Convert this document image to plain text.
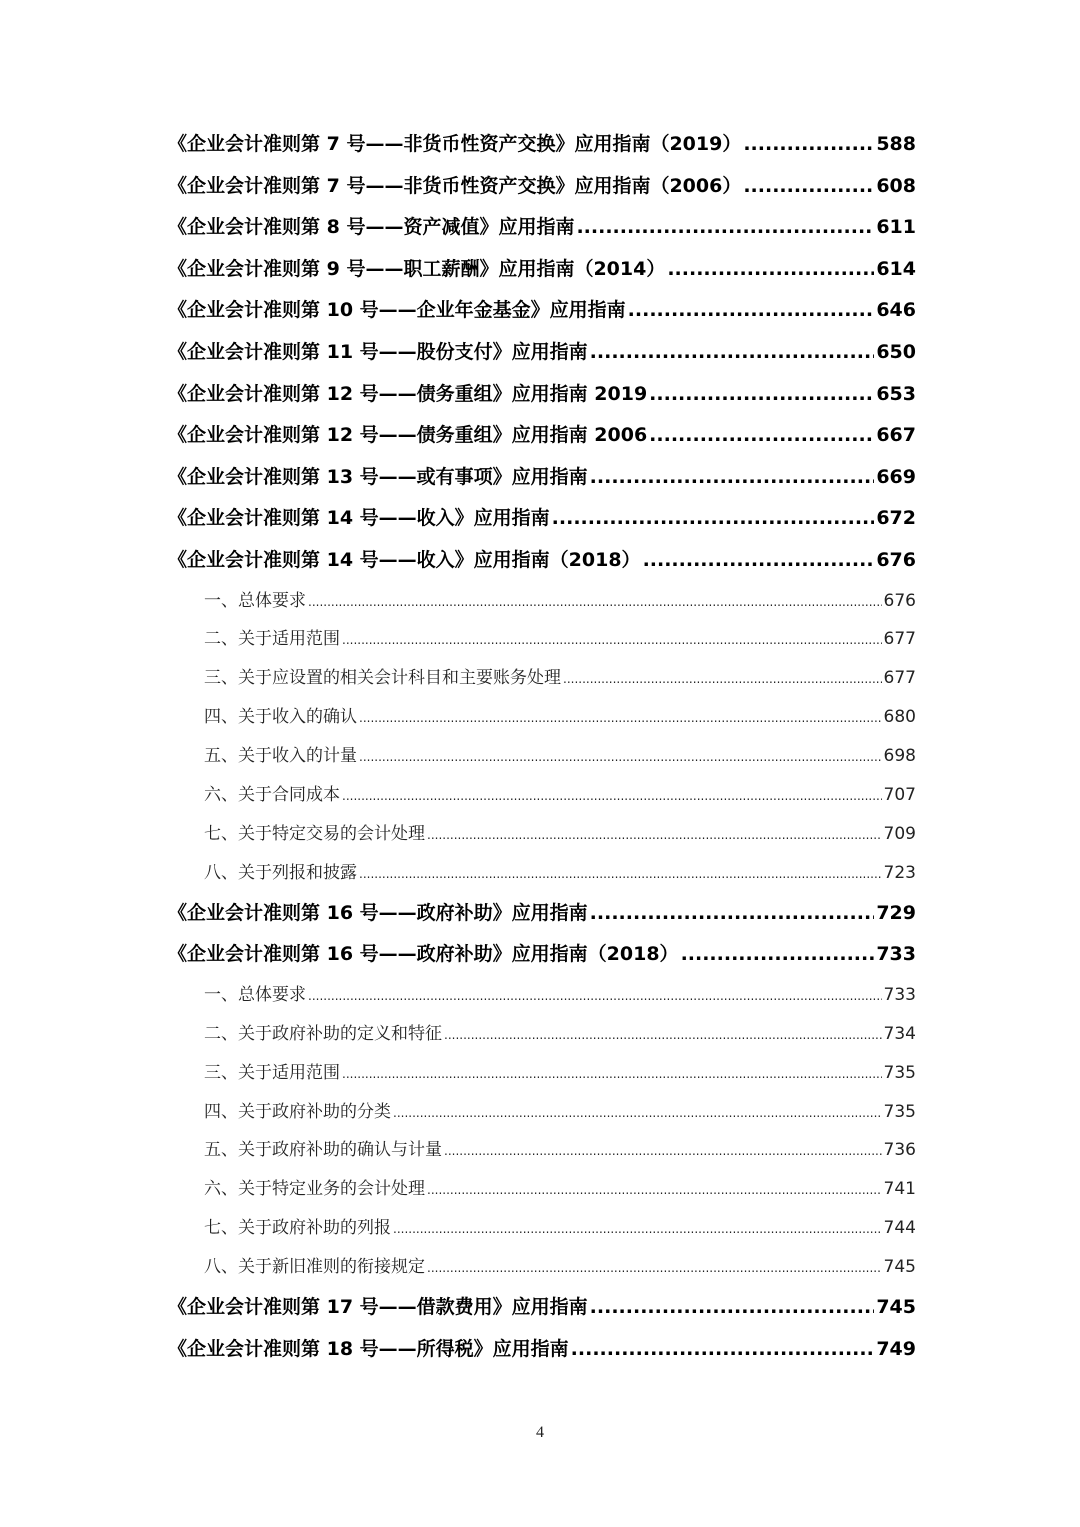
《企业会计准则第 7 号——非货币性资产交换》应用指南（2019） .....	588
《企业会计准则第 7 号——非货币性资产交换》应用指南（2006） .....	608
《企业会计准则第 8 号——资产减值》应用指南 .....	611
《企业会计准则第 9 号——职工薪酬》应用指南（2014） .....	614
《企业会计准则第 10 号——企业年金基金》应用指南 .....	646
《企业会计准则第 11 号——股份支付》应用指南 .....	650
《企业会计准则第 12 号——债务重组》应用指南 2019 .....	653
《企业会计准则第 12 号——债务重组》应用指南 2006 .....	667
《企业会计准则第 13 号——或有事项》应用指南 .....	669
《企业会计准则第 14 号——收入》应用指南 .....	672
《企业会计准则第 14 号——收入》应用指南（2018） .....	676
一、总体要求 .....	676
二、关于适用范围 .....	677
三、关于应设置的相关会计科目和主要账务处理 .....	677
四、关于收入的确认 .....	680
五、关于收入的计量 .....	698
六、关于合同成本 .....	707
七、关于特定交易的会计处理 .....	709
八、关于列报和披露 .....	723
《企业会计准则第 16 号——政府补助》应用指南 .....	729
《企业会计准则第 16 号——政府补助》应用指南（2018） .....	733
一、总体要求 .....	733
二、关于政府补助的定义和特征 .....	734
三、关于适用范围 .....	735
四、关于政府补助的分类 .....	735
五、关于政府补助的确认与计量 .....	736
六、关于特定业务的会计处理 .....	741
七、关于政府补助的列报 .....	744
八、关于新旧准则的衔接规定 .....	745
《企业会计准则第 17 号——借款费用》应用指南 .....	745
《企业会计准则第 18 号——所得税》应用指南 .....	749
4
